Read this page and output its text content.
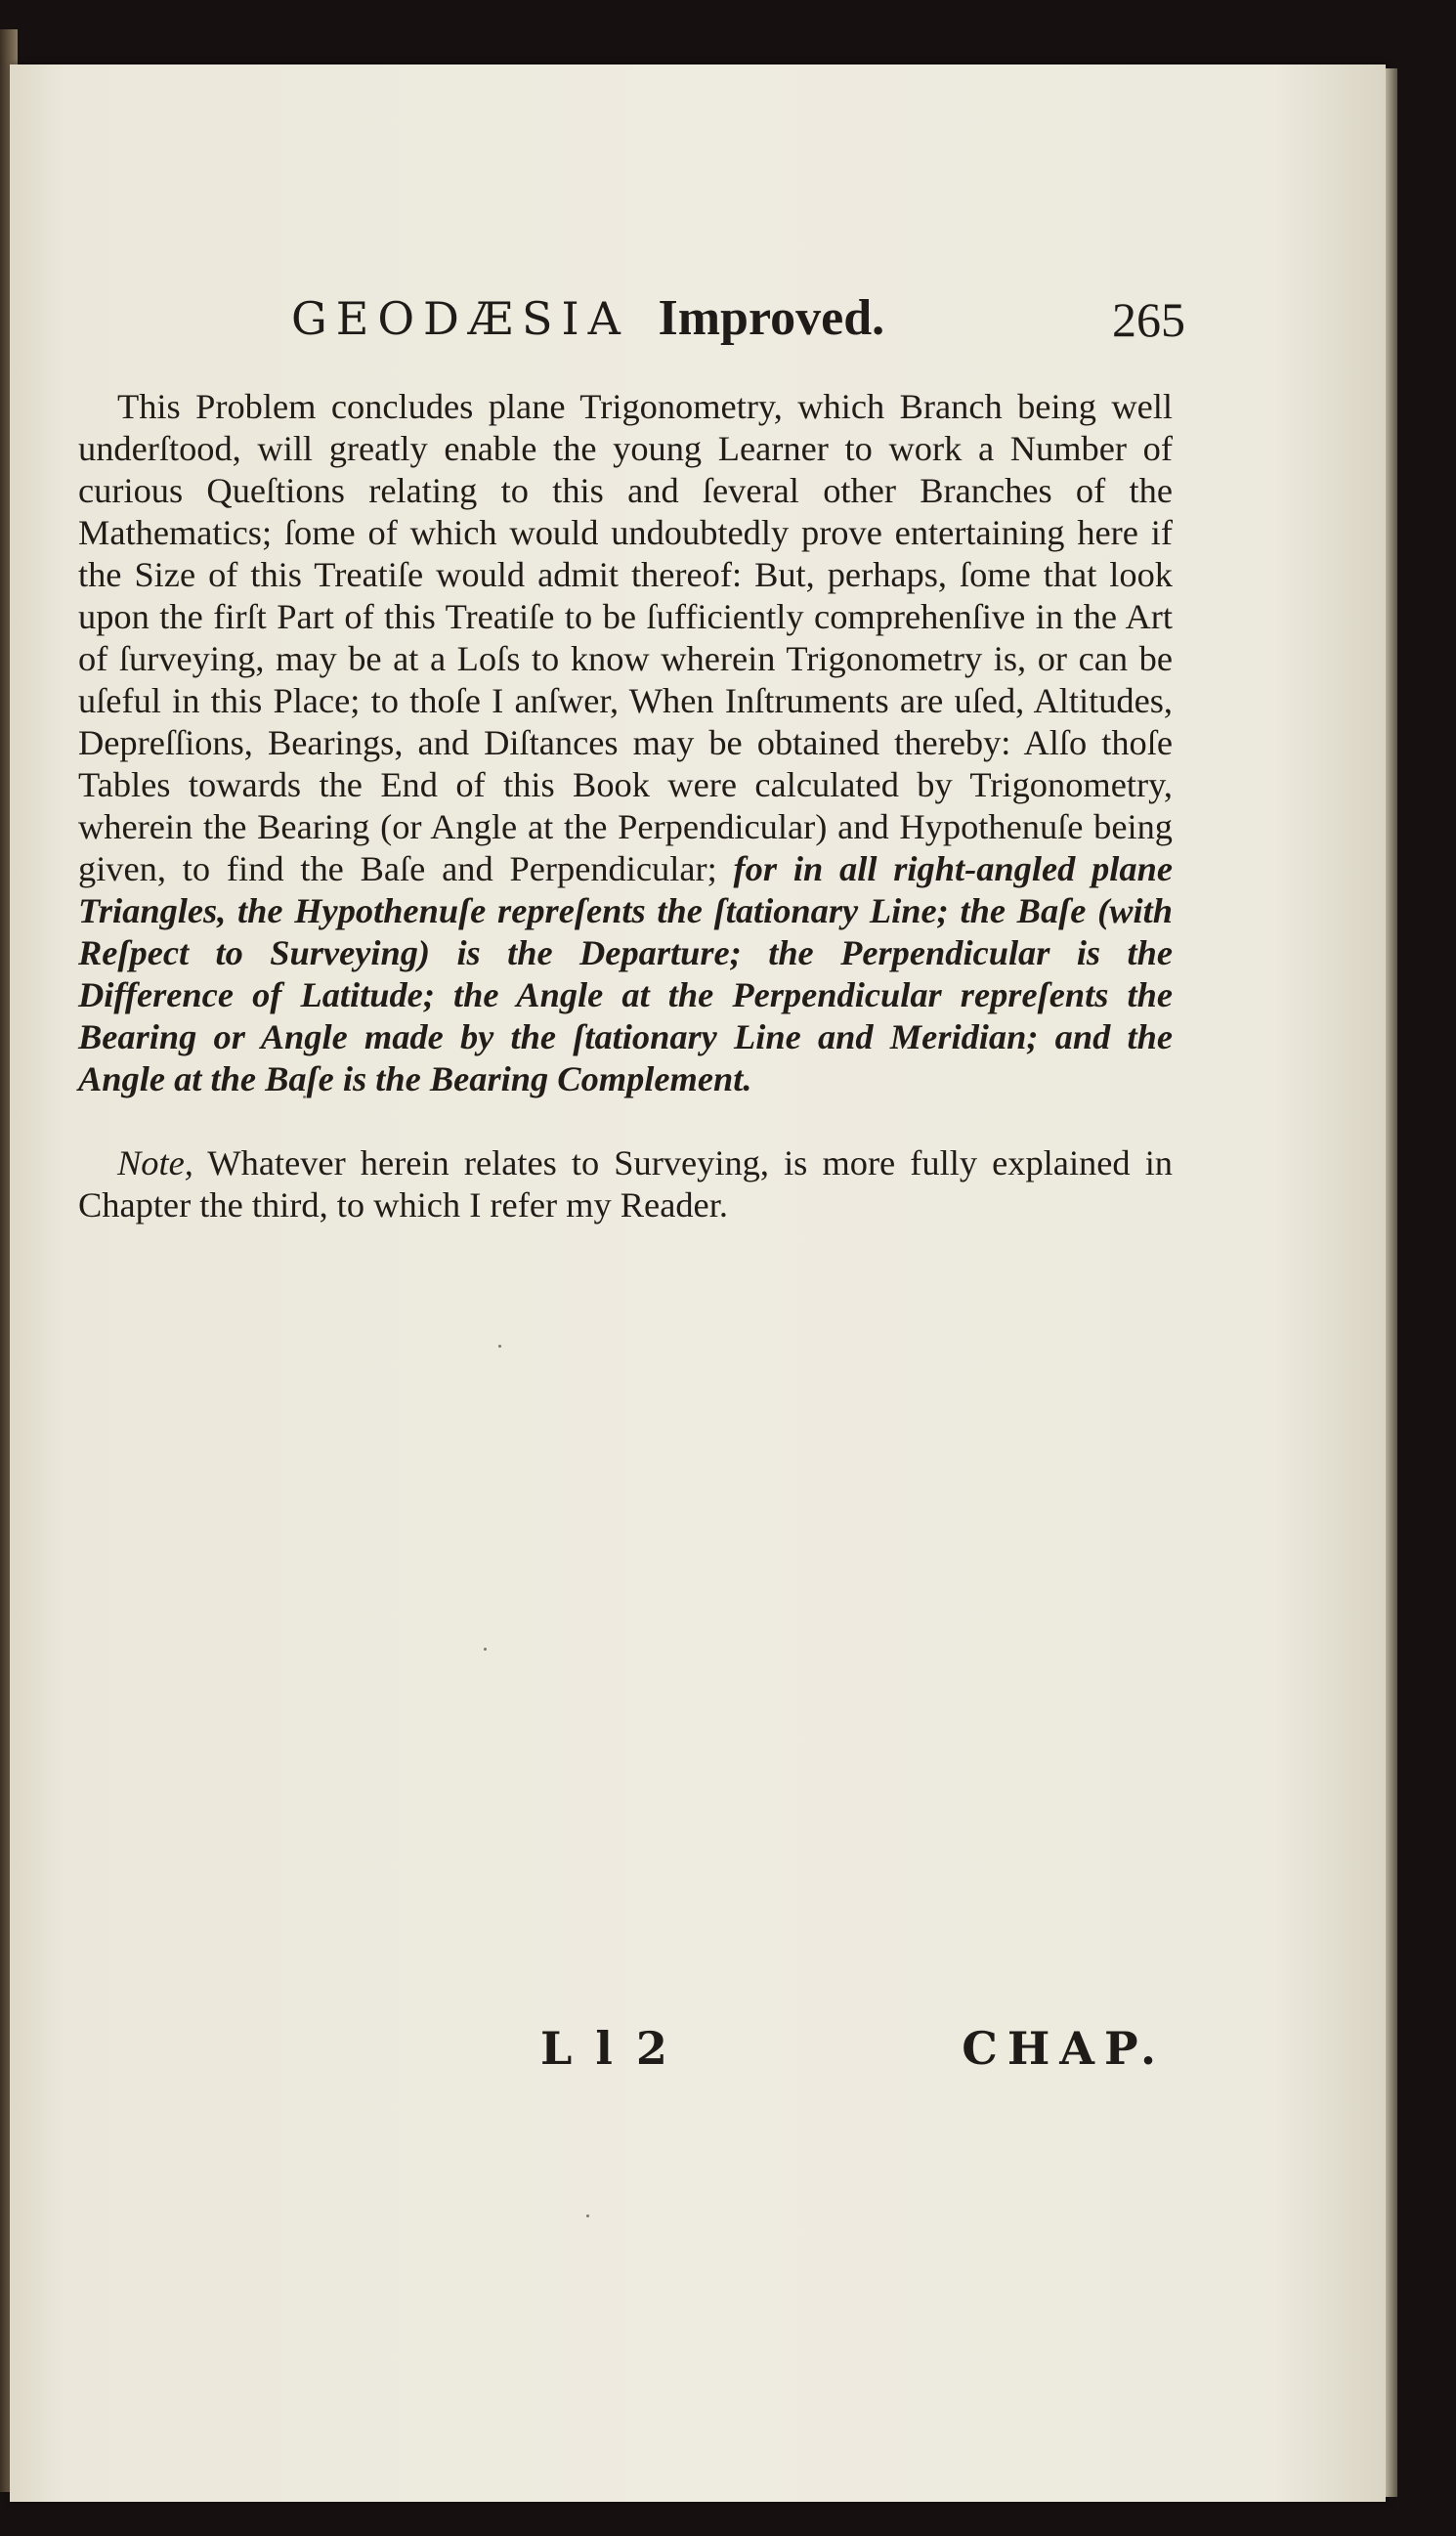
GEODÆSIA Improved.	265

This Problem concludes plane Trigonometry, which Branch being well underſtood, will greatly enable the young Learner to work a Number of curious Queſtions relating to this and ſeveral other Branches of the Mathematics; ſome of which would undoubtedly prove entertaining here if the Size of this Treatiſe would admit thereof: But, perhaps, ſome that look upon the firſt Part of this Treatiſe to be ſufficiently comprehenſive in the Art of ſurveying, may be at a Loſs to know wherein Trigonometry is, or can be uſeful in this Place; to thoſe I anſwer, When Inſtruments are uſed, Altitudes, Depreſſions, Bearings, and Diſtances may be obtained thereby: Alſo thoſe Tables towards the End of this Book were calculated by Trigonometry, wherein the Bearing (or Angle at the Perpendicular) and Hypothenuſe being given, to find the Baſe and Perpendicular; for in all right-angled plane Triangles, the Hypothenuſe repreſents the ſtationary Line; the Baſe (with Reſpect to Surveying) is the Departure; the Perpendicular is the Difference of Latitude; the Angle at the Perpendicular repreſents the Bearing or Angle made by the ſtationary Line and Meridian; and the Angle at the Baſe is the Bearing Complement.

Note, Whatever herein relates to Surveying, is more fully explained in Chapter the third, to which I refer my Reader.

L l 2	CHAP.
